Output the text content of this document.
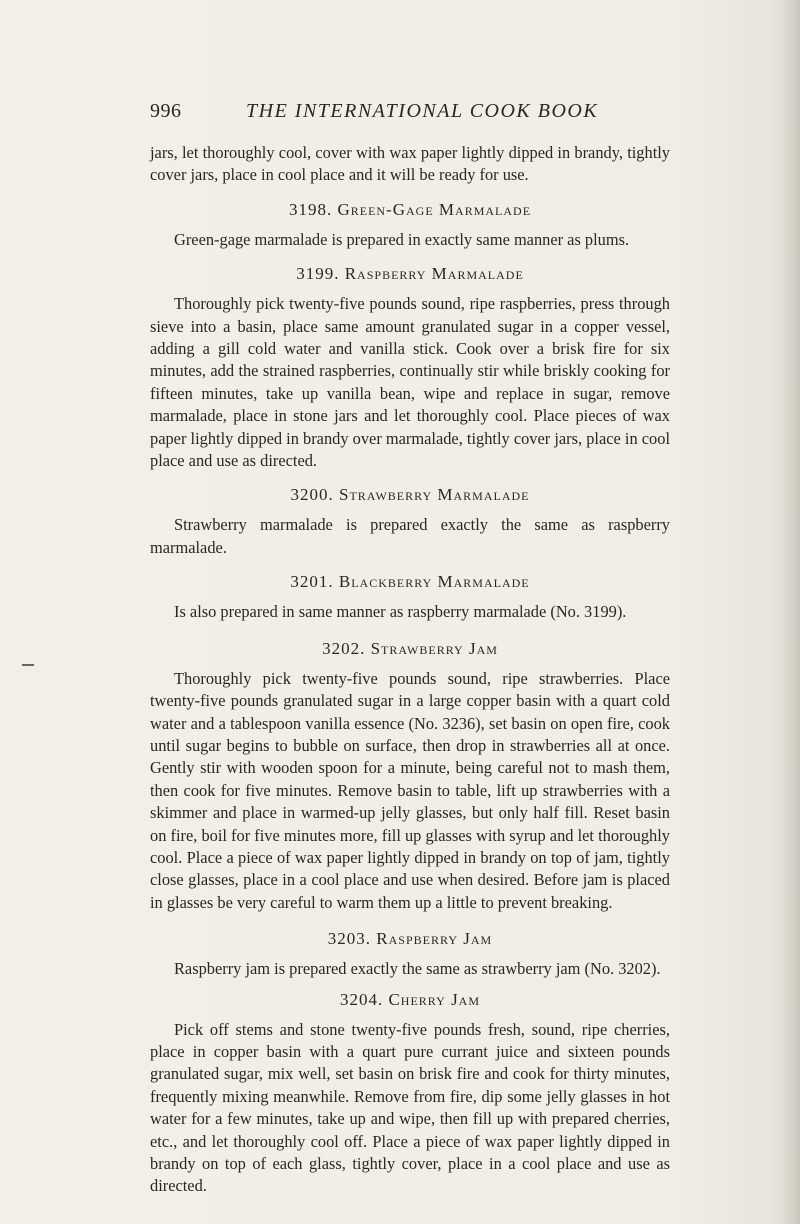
996	THE INTERNATIONAL COOK BOOK

jars, let thoroughly cool, cover with wax paper lightly dipped in brandy, tightly cover jars, place in cool place and it will be ready for use.

3198. Green-Gage Marmalade

Green-gage marmalade is prepared in exactly same manner as plums.

3199. Raspberry Marmalade

Thoroughly pick twenty-five pounds sound, ripe raspberries, press through sieve into a basin, place same amount granulated sugar in a copper vessel, adding a gill cold water and vanilla stick. Cook over a brisk fire for six minutes, add the strained raspberries, continually stir while briskly cooking for fifteen minutes, take up vanilla bean, wipe and replace in sugar, remove marmalade, place in stone jars and let thoroughly cool. Place pieces of wax paper lightly dipped in brandy over marmalade, tightly cover jars, place in cool place and use as directed.

3200. Strawberry Marmalade

Strawberry marmalade is prepared exactly the same as raspberry marmalade.

3201. Blackberry Marmalade

Is also prepared in same manner as raspberry marmalade (No. 3199).

3202. Strawberry Jam

Thoroughly pick twenty-five pounds sound, ripe strawberries. Place twenty-five pounds granulated sugar in a large copper basin with a quart cold water and a tablespoon vanilla essence (No. 3236), set basin on open fire, cook until sugar begins to bubble on surface, then drop in strawberries all at once. Gently stir with wooden spoon for a minute, being careful not to mash them, then cook for five minutes. Remove basin to table, lift up strawberries with a skimmer and place in warmed-up jelly glasses, but only half fill. Reset basin on fire, boil for five minutes more, fill up glasses with syrup and let thoroughly cool. Place a piece of wax paper lightly dipped in brandy on top of jam, tightly close glasses, place in a cool place and use when desired. Before jam is placed in glasses be very careful to warm them up a little to prevent breaking.

3203. Raspberry Jam

Raspberry jam is prepared exactly the same as strawberry jam (No. 3202).

3204. Cherry Jam

Pick off stems and stone twenty-five pounds fresh, sound, ripe cherries, place in copper basin with a quart pure currant juice and sixteen pounds granulated sugar, mix well, set basin on brisk fire and cook for thirty minutes, frequently mixing meanwhile. Remove from fire, dip some jelly glasses in hot water for a few minutes, take up and wipe, then fill up with prepared cherries, etc., and let thoroughly cool off. Place a piece of wax paper lightly dipped in brandy on top of each glass, tightly cover, place in a cool place and use as directed.
